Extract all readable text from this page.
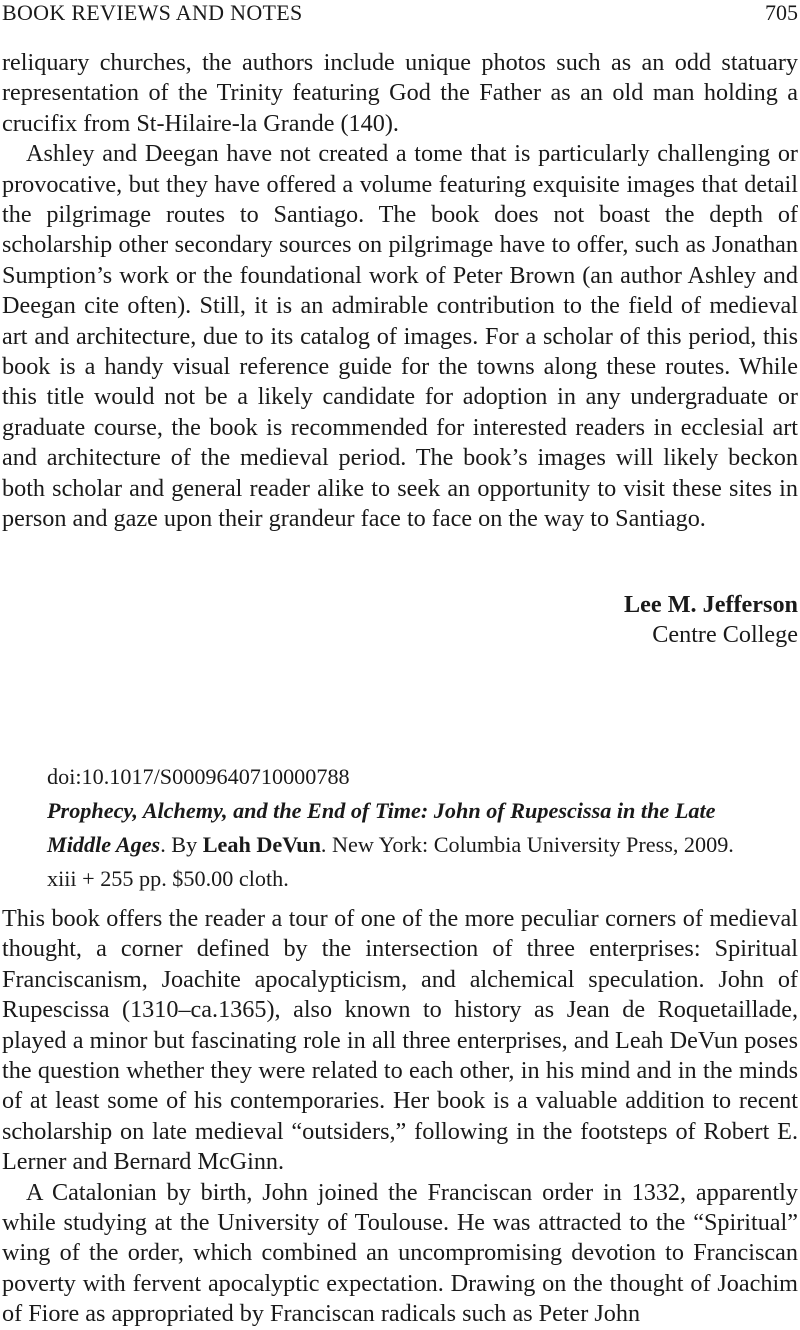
BOOK REVIEWS AND NOTES	705

reliquary churches, the authors include unique photos such as an odd statuary representation of the Trinity featuring God the Father as an old man holding a crucifix from St-Hilaire-la Grande (140).

Ashley and Deegan have not created a tome that is particularly challenging or provocative, but they have offered a volume featuring exquisite images that detail the pilgrimage routes to Santiago. The book does not boast the depth of scholarship other secondary sources on pilgrimage have to offer, such as Jonathan Sumption’s work or the foundational work of Peter Brown (an author Ashley and Deegan cite often). Still, it is an admirable contribution to the field of medieval art and architecture, due to its catalog of images. For a scholar of this period, this book is a handy visual reference guide for the towns along these routes. While this title would not be a likely candidate for adoption in any undergraduate or graduate course, the book is recommended for interested readers in ecclesial art and architecture of the medieval period. The book’s images will likely beckon both scholar and general reader alike to seek an opportunity to visit these sites in person and gaze upon their grandeur face to face on the way to Santiago.

Lee M. Jefferson
Centre College

doi:10.1017/S0009640710000788

Prophecy, Alchemy, and the End of Time: John of Rupescissa in the Late Middle Ages. By Leah DeVun. New York: Columbia University Press, 2009. xiii + 255 pp. $50.00 cloth.

This book offers the reader a tour of one of the more peculiar corners of medieval thought, a corner defined by the intersection of three enterprises: Spiritual Franciscanism, Joachite apocalypticism, and alchemical speculation. John of Rupescissa (1310–ca.1365), also known to history as Jean de Roquetaillade, played a minor but fascinating role in all three enterprises, and Leah DeVun poses the question whether they were related to each other, in his mind and in the minds of at least some of his contemporaries. Her book is a valuable addition to recent scholarship on late medieval “outsiders,” following in the footsteps of Robert E. Lerner and Bernard McGinn.

A Catalonian by birth, John joined the Franciscan order in 1332, apparently while studying at the University of Toulouse. He was attracted to the “Spiritual” wing of the order, which combined an uncompromising devotion to Franciscan poverty with fervent apocalyptic expectation. Drawing on the thought of Joachim of Fiore as appropriated by Franciscan radicals such as Peter John
